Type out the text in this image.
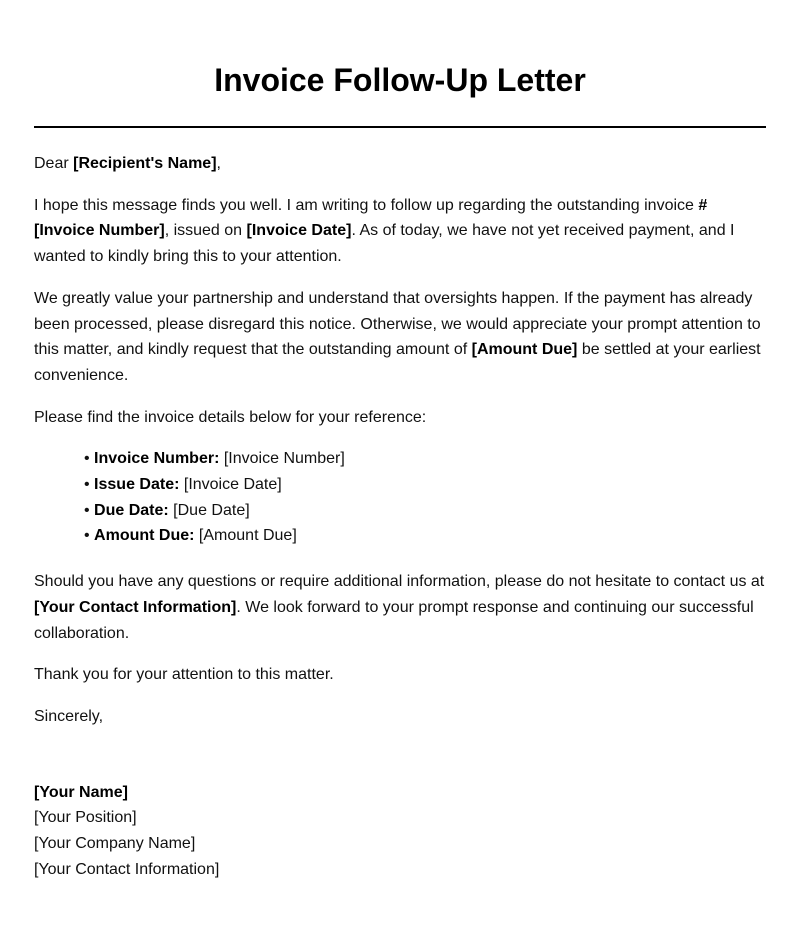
Invoice Follow-Up Letter

Dear [Recipient's Name],

I hope this message finds you well. I am writing to follow up regarding the outstanding invoice # [Invoice Number], issued on [Invoice Date]. As of today, we have not yet received payment, and I wanted to kindly bring this to your attention.

We greatly value your partnership and understand that oversights happen. If the payment has already been processed, please disregard this notice. Otherwise, we would appreciate your prompt attention to this matter, and kindly request that the outstanding amount of [Amount Due] be settled at your earliest convenience.

Please find the invoice details below for your reference:

• Invoice Number: [Invoice Number]
• Issue Date: [Invoice Date]
• Due Date: [Due Date]
• Amount Due: [Amount Due]

Should you have any questions or require additional information, please do not hesitate to contact us at [Your Contact Information]. We look forward to your prompt response and continuing our successful collaboration.

Thank you for your attention to this matter.

Sincerely,

[Your Name]
[Your Position]
[Your Company Name]
[Your Contact Information]
